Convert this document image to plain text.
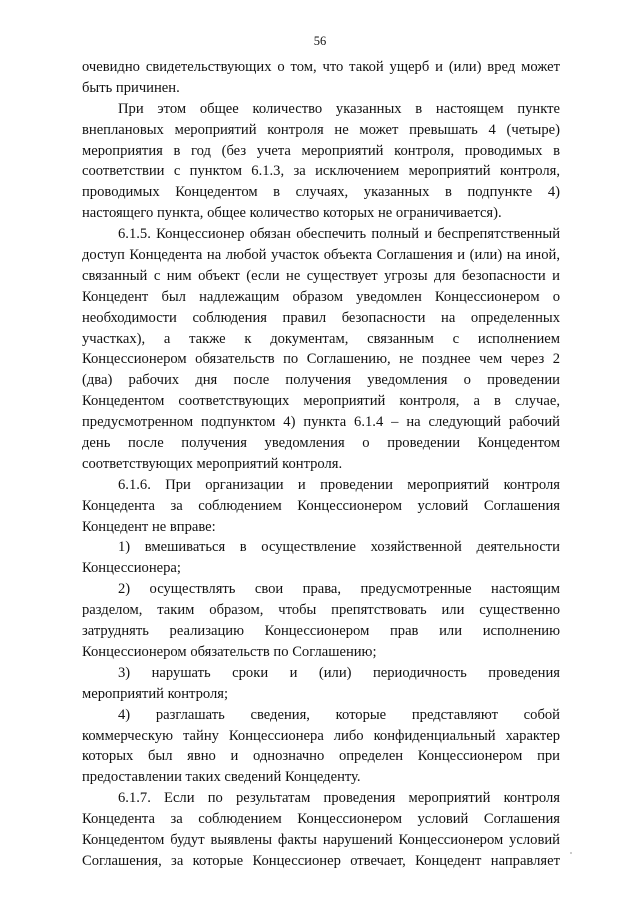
56
очевидно свидетельствующих о том, что такой ущерб и (или) вред может
быть причинен.
При этом общее количество указанных в настоящем пункте
внеплановых мероприятий контроля не может превышать 4 (четыре)
мероприятия в год (без учета мероприятий контроля, проводимых в
соответствии с пунктом 6.1.3, за исключением мероприятий контроля,
проводимых Концедентом в случаях, указанных в подпункте 4)
настоящего пункта, общее количество которых не ограничивается).
6.1.5. Концессионер обязан обеспечить полный и беспрепятственный
доступ Концедента на любой участок объекта Соглашения и (или) на иной,
связанный с ним объект (если не существует угрозы для безопасности и
Концедент был надлежащим образом уведомлен Концессионером о
необходимости соблюдения правил безопасности на определенных
участках), а также к документам, связанным с исполнением
Концессионером обязательств по Соглашению, не позднее чем через 2
(два) рабочих дня после получения уведомления о проведении
Концедентом соответствующих мероприятий контроля, а в случае,
предусмотренном подпунктом 4) пункта 6.1.4 – на следующий рабочий
день после получения уведомления о проведении Концедентом
соответствующих мероприятий контроля.
6.1.6. При организации и проведении мероприятий контроля
Концедента за соблюдением Концессионером условий Соглашения
Концедент не вправе:
1) вмешиваться в осуществление хозяйственной деятельности
Концессионера;
2) осуществлять свои права, предусмотренные настоящим
разделом, таким образом, чтобы препятствовать или существенно
затруднять реализацию Концессионером прав или исполнению
Концессионером обязательств по Соглашению;
3) нарушать сроки и (или) периодичность проведения
мероприятий контроля;
4) разглашать сведения, которые представляют собой
коммерческую тайну Концессионера либо конфиденциальный характер
которых был явно и однозначно определен Концессионером при
предоставлении таких сведений Концеденту.
6.1.7. Если по результатам проведения мероприятий контроля
Концедента за соблюдением Концессионером условий Соглашения
Концедентом будут выявлены факты нарушений Концессионером условий
Соглашения, за которые Концессионер отвечает, Концедент направляет
